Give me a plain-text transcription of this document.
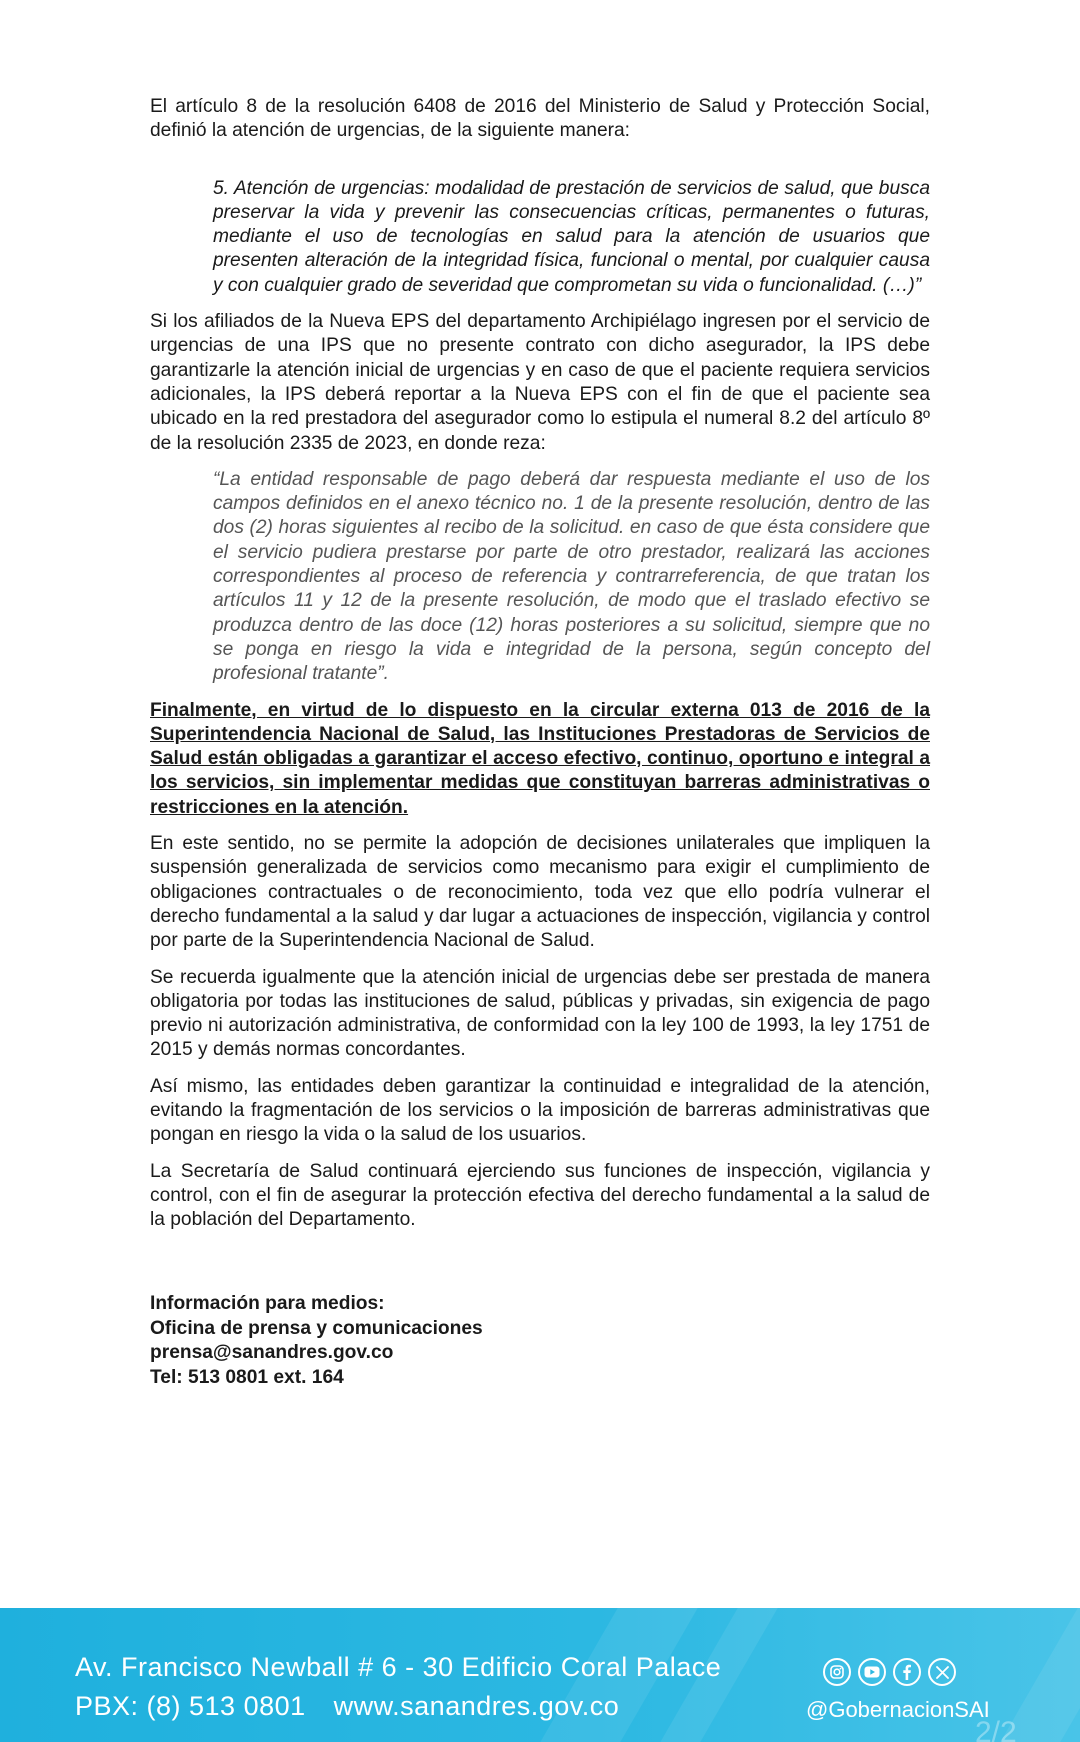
El artículo 8 de la resolución 6408 de 2016 del Ministerio de Salud y Protección Social, definió la atención de urgencias, de la siguiente manera:

5. Atención de urgencias: modalidad de prestación de servicios de salud, que busca preservar la vida y prevenir las consecuencias críticas, permanentes o futuras, mediante el uso de tecnologías en salud para la atención de usuarios que presenten alteración de la integridad física, funcional o mental, por cualquier causa y con cualquier grado de severidad que comprometan su vida o funcionalidad. (…)”

Si los afiliados de la Nueva EPS del departamento Archipiélago ingresen por el servicio de urgencias de una IPS que no presente contrato con dicho asegurador, la IPS debe garantizarle la atención inicial de urgencias y en caso de que el paciente requiera servicios adicionales, la IPS deberá reportar a la Nueva EPS con el fin de que el paciente sea ubicado en la red prestadora del asegurador como lo estipula el numeral 8.2 del artículo 8º de la resolución 2335 de 2023, en donde reza:

“La entidad responsable de pago deberá dar respuesta mediante el uso de los campos definidos en el anexo técnico no. 1 de la presente resolución, dentro de las dos (2) horas siguientes al recibo de la solicitud. en caso de que ésta considere que el servicio pudiera prestarse por parte de otro prestador, realizará las acciones correspondientes al proceso de referencia y contrarreferencia, de que tratan los artículos 11 y 12 de la presente resolución, de modo que el traslado efectivo se produzca dentro de las doce (12) horas posteriores a su solicitud, siempre que no se ponga en riesgo la vida e integridad de la persona, según concepto del profesional tratante”.

Finalmente, en virtud de lo dispuesto en la circular externa 013 de 2016 de la Superintendencia Nacional de Salud, las Instituciones Prestadoras de Servicios de Salud están obligadas a garantizar el acceso efectivo, continuo, oportuno e integral a los servicios, sin implementar medidas que constituyan barreras administrativas o restricciones en la atención.

En este sentido, no se permite la adopción de decisiones unilaterales que impliquen la suspensión generalizada de servicios como mecanismo para exigir el cumplimiento de obligaciones contractuales o de reconocimiento, toda vez que ello podría vulnerar el derecho fundamental a la salud y dar lugar a actuaciones de inspección, vigilancia y control por parte de la Superintendencia Nacional de Salud.

Se recuerda igualmente que la atención inicial de urgencias debe ser prestada de manera obligatoria por todas las instituciones de salud, públicas y privadas, sin exigencia de pago previo ni autorización administrativa, de conformidad con la ley 100 de 1993, la ley 1751 de 2015 y demás normas concordantes.

Así mismo, las entidades deben garantizar la continuidad e integralidad de la atención, evitando la fragmentación de los servicios o la imposición de barreras administrativas que pongan en riesgo la vida o la salud de los usuarios.

La Secretaría de Salud continuará ejerciendo sus funciones de inspección, vigilancia y control, con el fin de asegurar la protección efectiva del derecho fundamental a la salud de la población del Departamento.

Información para medios:
Oficina de prensa y comunicaciones
prensa@sanandres.gov.co
Tel: 513 0801 ext. 164
Av. Francisco Newball # 6 - 30 Edificio Coral Palace
PBX: (8) 513 0801 www.sanandres.gov.co	@GobernacionSAI
2/2
